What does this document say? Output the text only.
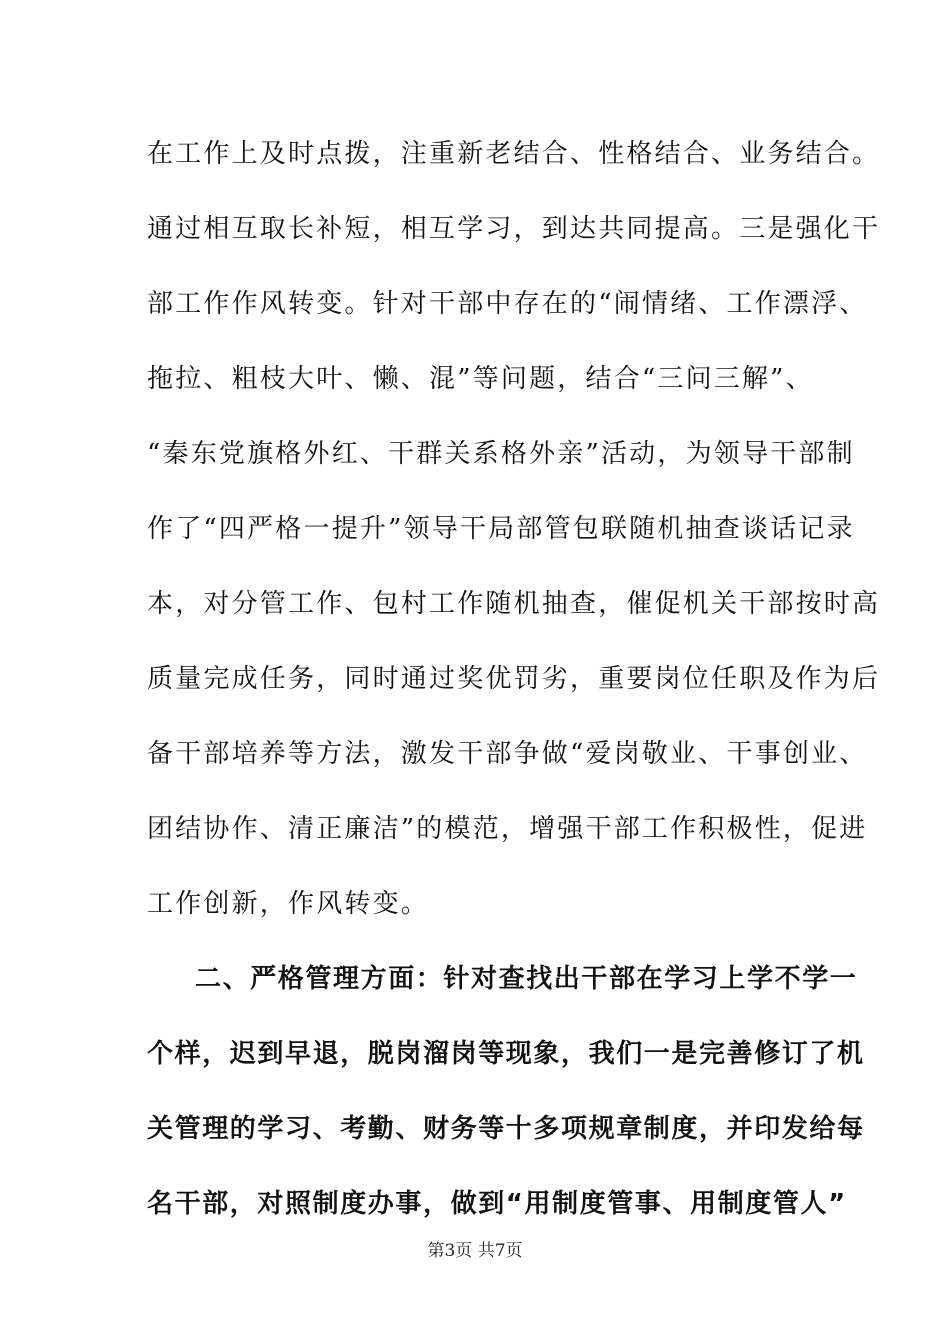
在工作上及时点拨，注重新老结合、性格结合、业务结合。
通过相互取长补短，相互学习，到达共同提高。三是强化干
部工作作风转变。针对干部中存在的“闹情绪、工作漂浮、
拖拉、粗枝大叶、懒、混”等问题，结合“三问三解”、
“秦东党旗格外红、干群关系格外亲”活动，为领导干部制
作了“四严格一提升”领导干局部管包联随机抽查谈话记录
本，对分管工作、包村工作随机抽查，催促机关干部按时高
质量完成任务，同时通过奖优罚劣，重要岗位任职及作为后
备干部培养等方法，激发干部争做“爱岗敬业、干事创业、
团结协作、清正廉洁”的模范，增强干部工作积极性，促进
工作创新，作风转变。
二、严格管理方面：针对查找出干部在学习上学不学一
个样，迟到早退，脱岗溜岗等现象，我们一是完善修订了机
关管理的学习、考勤、财务等十多项规章制度，并印发给每
名干部，对照制度办事，做到“用制度管事、用制度管人”
第3页 共7页
